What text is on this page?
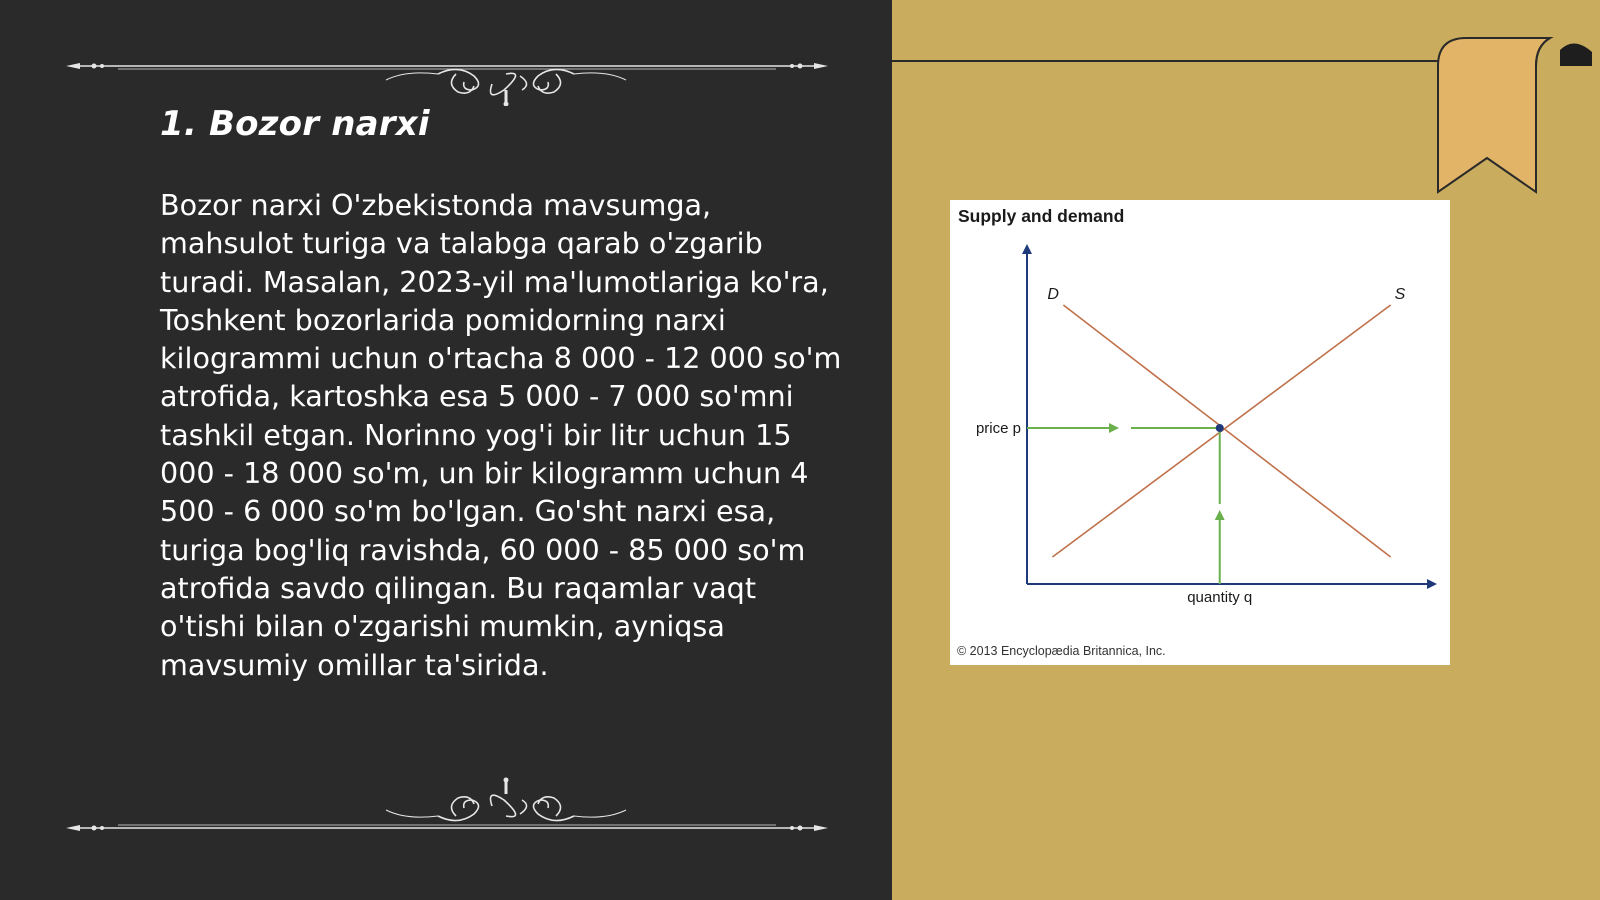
1. Bozor narxi

Bozor narxi O'zbekistonda mavsumga, mahsulot turiga va talabga qarab o'zgarib turadi. Masalan, 2023-yil ma'lumotlariga ko'ra, Toshkent bozorlarida pomidorning narxi kilogrammi uchun o'rtacha 8 000 - 12 000 so'm atrofida, kartoshka esa 5 000 - 7 000 so'mni tashkil etgan. Norinno yog'i bir litr uchun 15 000 - 18 000 so'm, un bir kilogramm uchun 4 500 - 6 000 so'm bo'lgan. Go'sht narxi esa, turiga bog'liq ravishda, 60 000 - 85 000 so'm atrofida savdo qilingan. Bu raqamlar vaqt o'tishi bilan o'zgarishi mumkin, ayniqsa mavsumiy omillar ta'sirida.

Supply and demand
D	S
price p
quantity q
© 2013 Encyclopædia Britannica, Inc.
